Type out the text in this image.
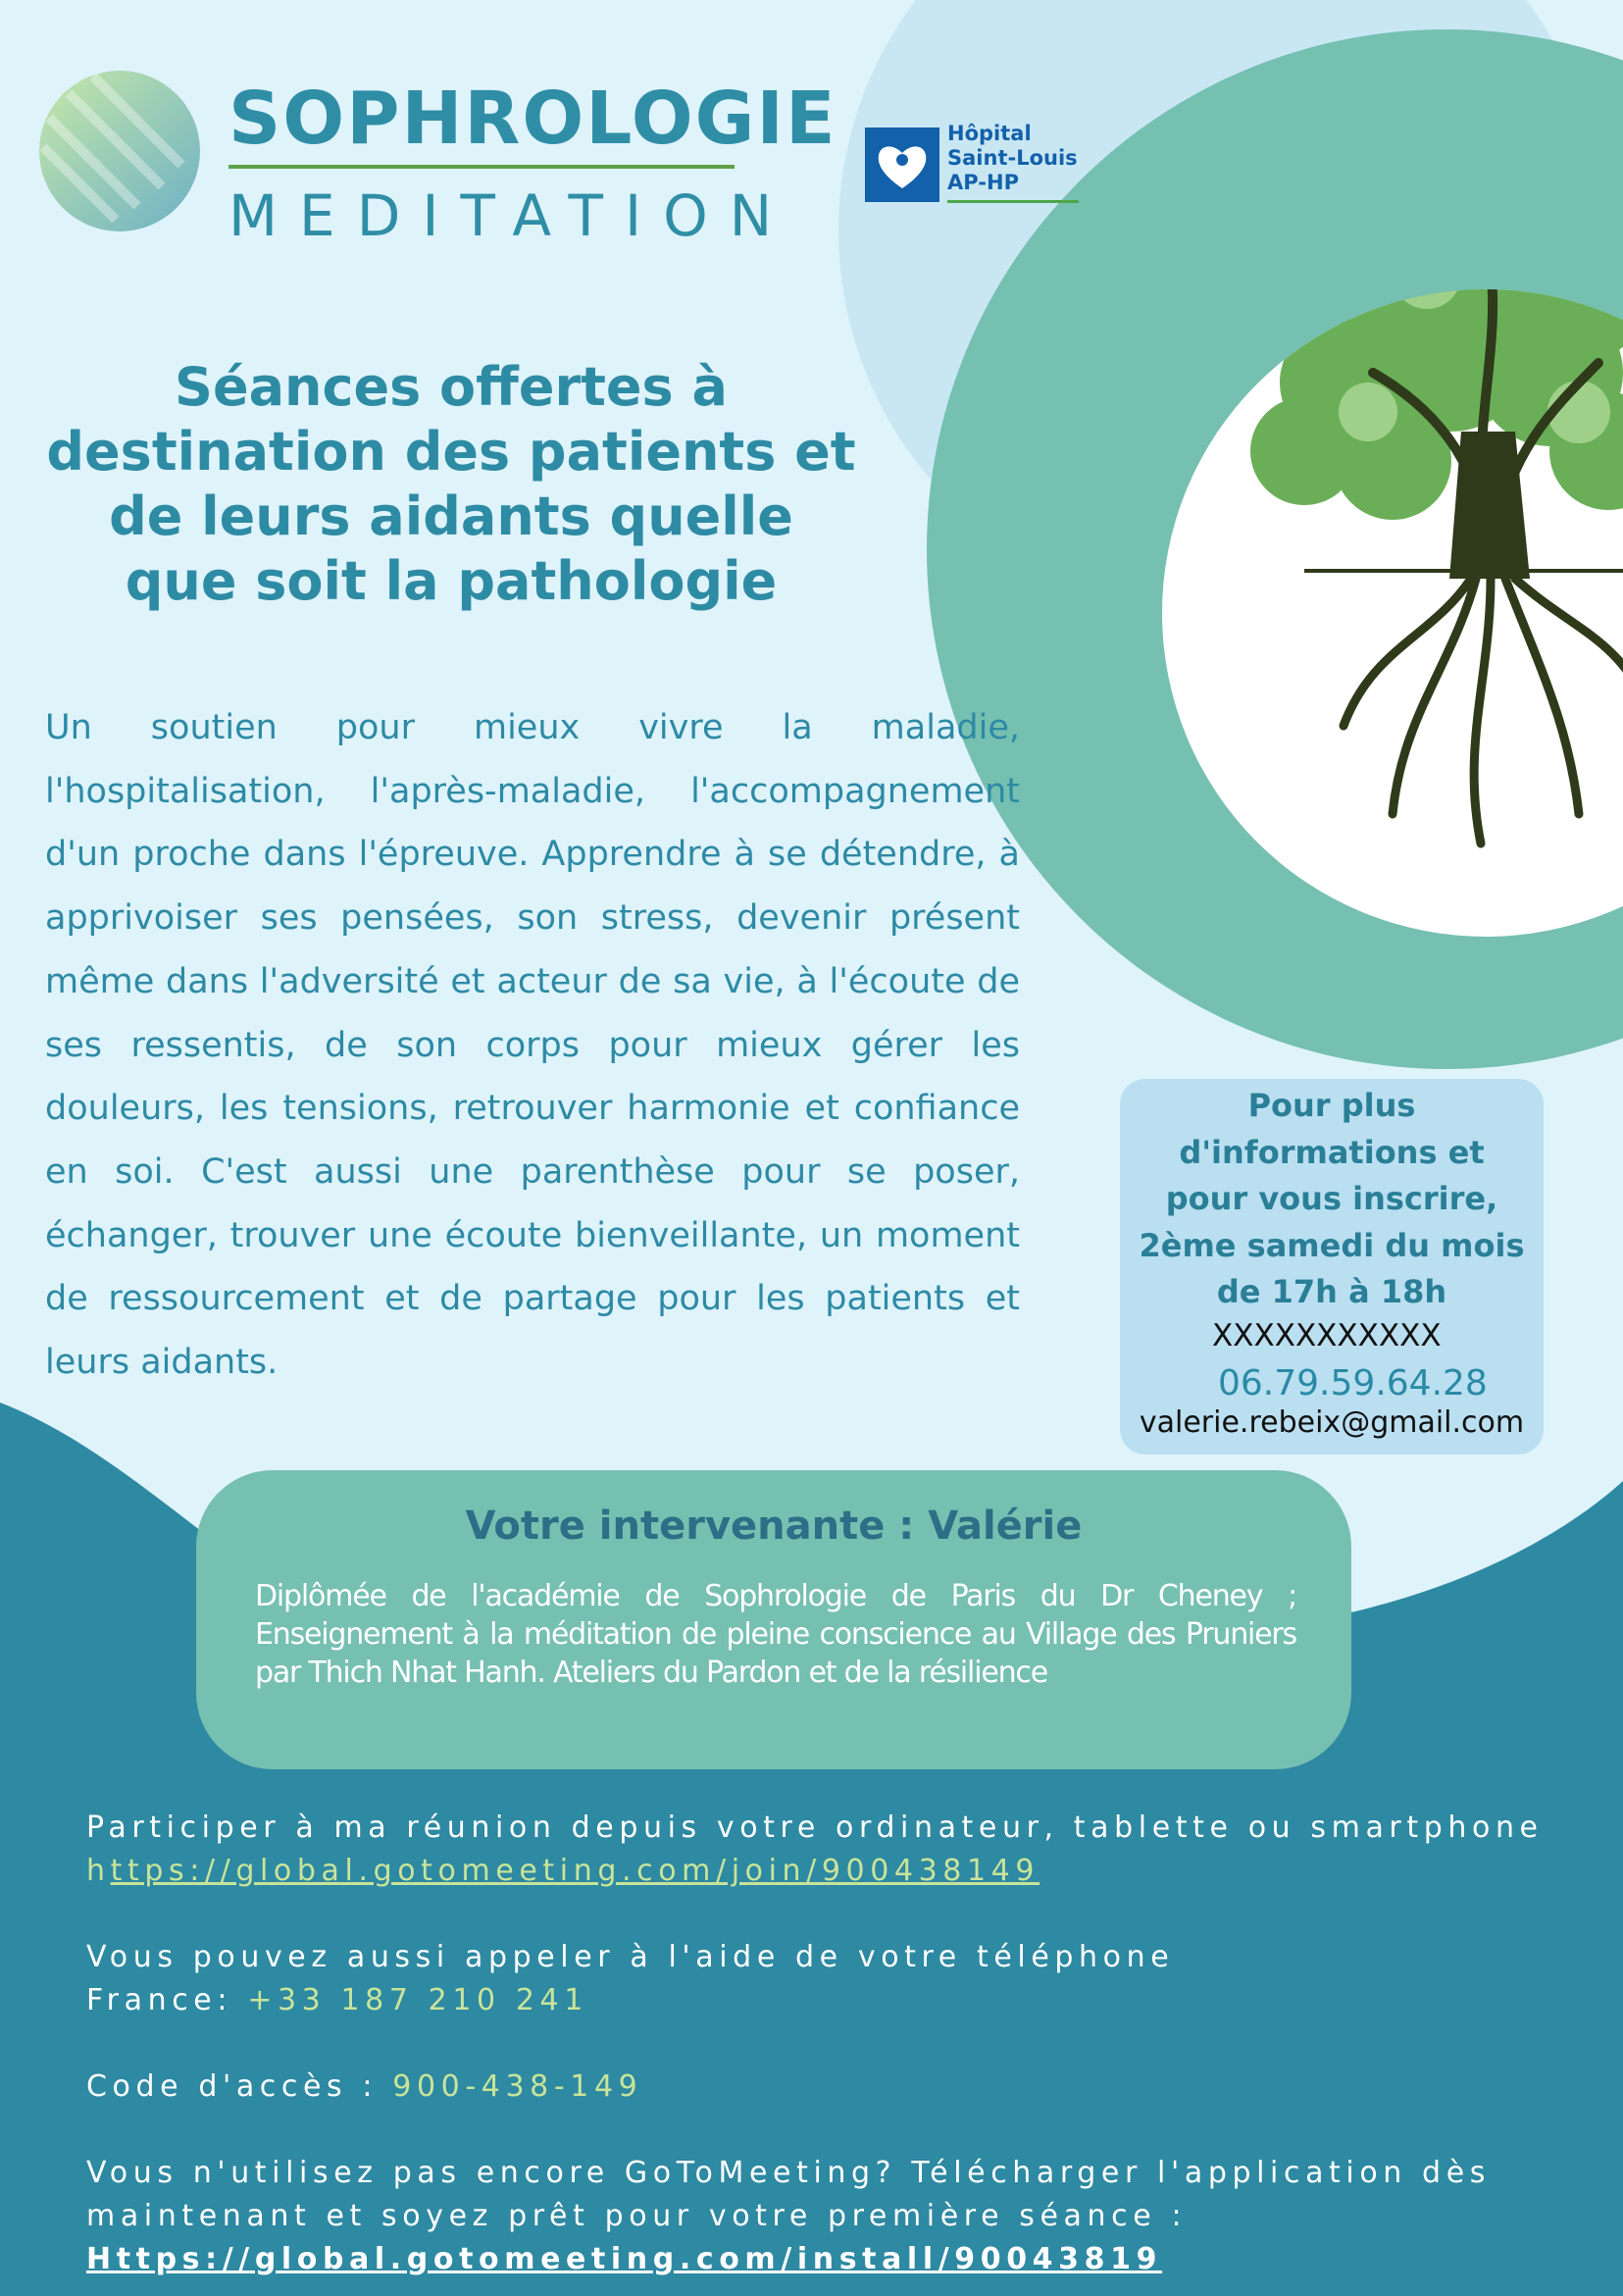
SOPHROLOGIE
MEDITATION
Hôpital
Saint-Louis
AP-HP
Séances offertes à
destination des patients et
de leurs aidants quelle
que soit la pathologie
Un soutien pour mieux vivre la maladie, l'hospitalisation, l'après-maladie, l'accompagnement d'un proche dans l'épreuve. Apprendre à se détendre, à apprivoiser ses pensées, son stress, devenir présent même dans l'adversité et acteur de sa vie, à l'écoute de ses ressentis, de son corps pour mieux gérer les douleurs, les tensions, retrouver harmonie et confiance en soi. C'est aussi une parenthèse pour se poser, échanger, trouver une écoute bienveillante, un moment de ressourcement et de partage pour les patients et leurs aidants.
Pour plus
d'informations et
pour vous inscrire,
2ème samedi du mois
de 17h à 18h
XXXXXXXXXXX
06.79.59.64.28
valerie.rebeix@gmail.com
Votre intervenante : Valérie
Diplômée de l'académie de Sophrologie de Paris du Dr Cheney ; Enseignement à la méditation de pleine conscience au Village des Pruniers par Thich Nhat Hanh. Ateliers du Pardon et de la résilience
Participer à ma réunion depuis votre ordinateur, tablette ou smartphone
https://global.gotomeeting.com/join/900438149
Vous pouvez aussi appeler à l'aide de votre téléphone
France: +33 187 210 241
Code d'accès : 900-438-149
Vous n'utilisez pas encore GoToMeeting? Télécharger l'application dès
maintenant et soyez prêt pour votre première séance :
Https://global.gotomeeting.com/install/90043819
